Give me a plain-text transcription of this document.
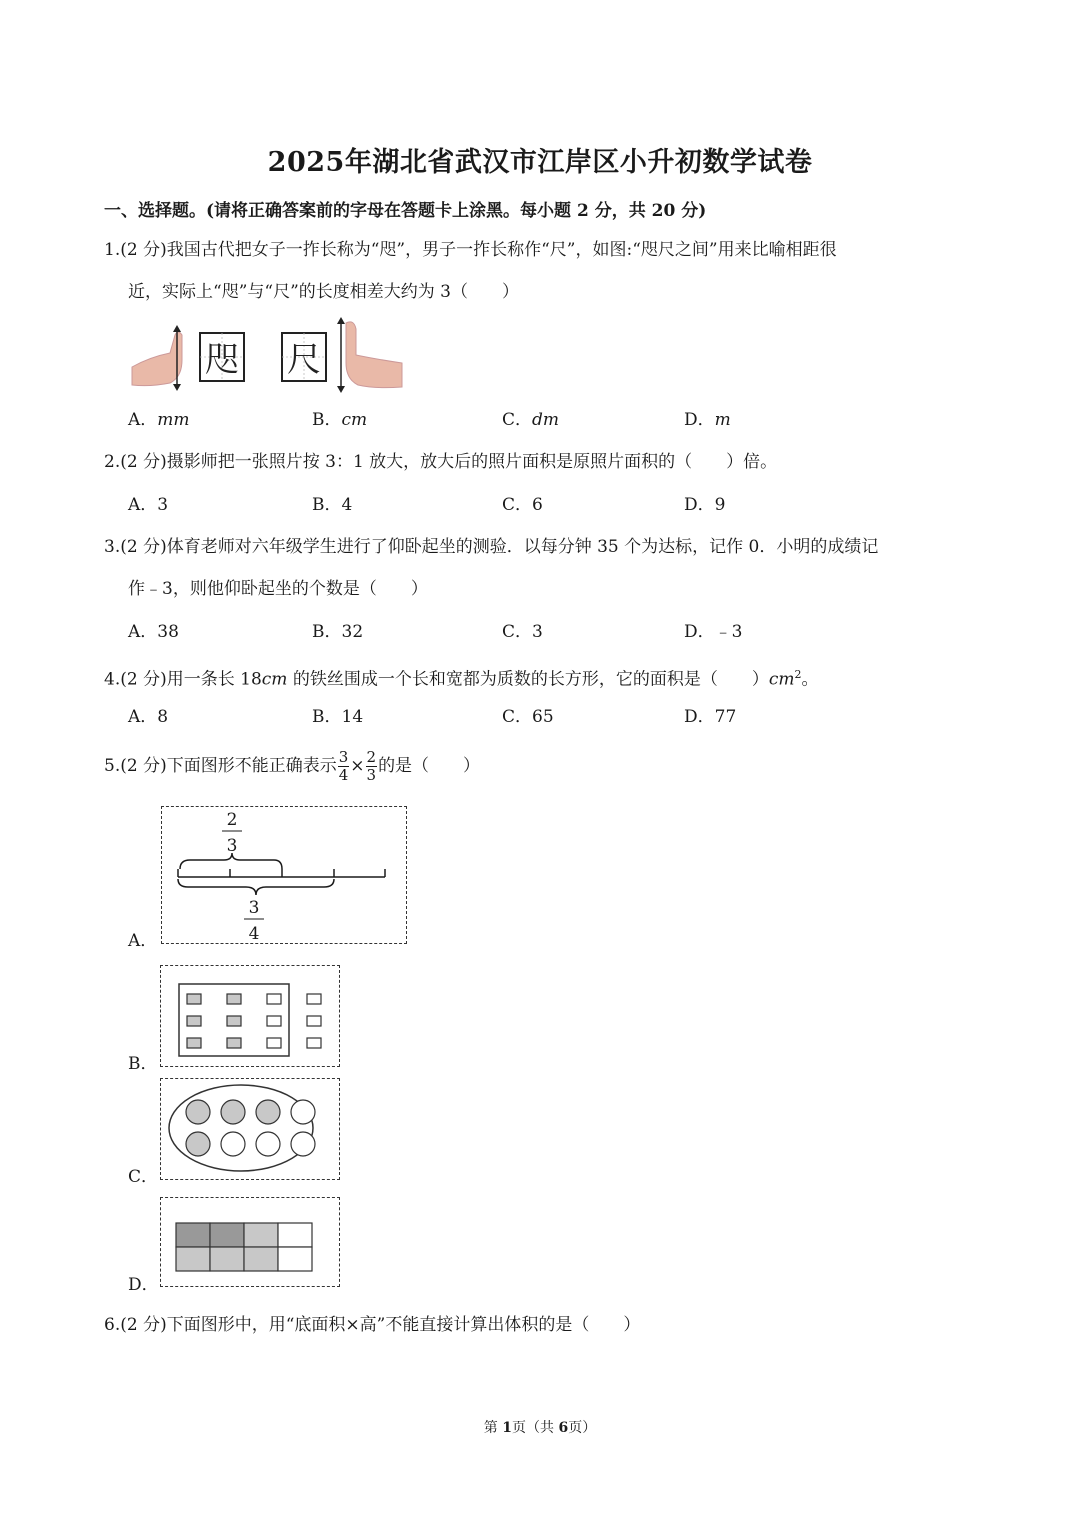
2025年湖北省武汉市江岸区小升初数学试卷
一、选择题。(请将正确答案前的字母在答题卡上涂黑。每小题 2 分，共 20 分)
1.(2 分)我国古代把女子一拃长称为“咫”，男子一拃长称作“尺”，如图:“咫尺之间”用来比喻相距很
近，实际上“咫”与“尺”的长度相差大约为 3（　　）
咫 尺
A．mm	B．cm	C．dm	D．m
2.(2 分)摄影师把一张照片按 3：1 放大，放大后的照片面积是原照片面积的（　　）倍。
A．3	B．4	C．6	D．9
3.(2 分)体育老师对六年级学生进行了仰卧起坐的测验．以每分钟 35 个为达标，记作 0．小明的成绩记
作﹣3，则他仰卧起坐的个数是（　　）
A．38	B．32	C．3	D．﹣3
4.(2 分)用一条长 18cm 的铁丝围成一个长和宽都为质数的长方形，它的面积是（　　）$cm^2$。
A．8	B．14	C．65	D．77
5.(2 分)下面图形不能正确表示 $\frac{3}{4} \times \frac{2}{3}$ 的是（　　）
A．
2
3
3
4
B．
C．
D．
6.(2 分)下面图形中，用“底面积×高”不能直接计算出体积的是（　　）
第 1页（共 6页）
